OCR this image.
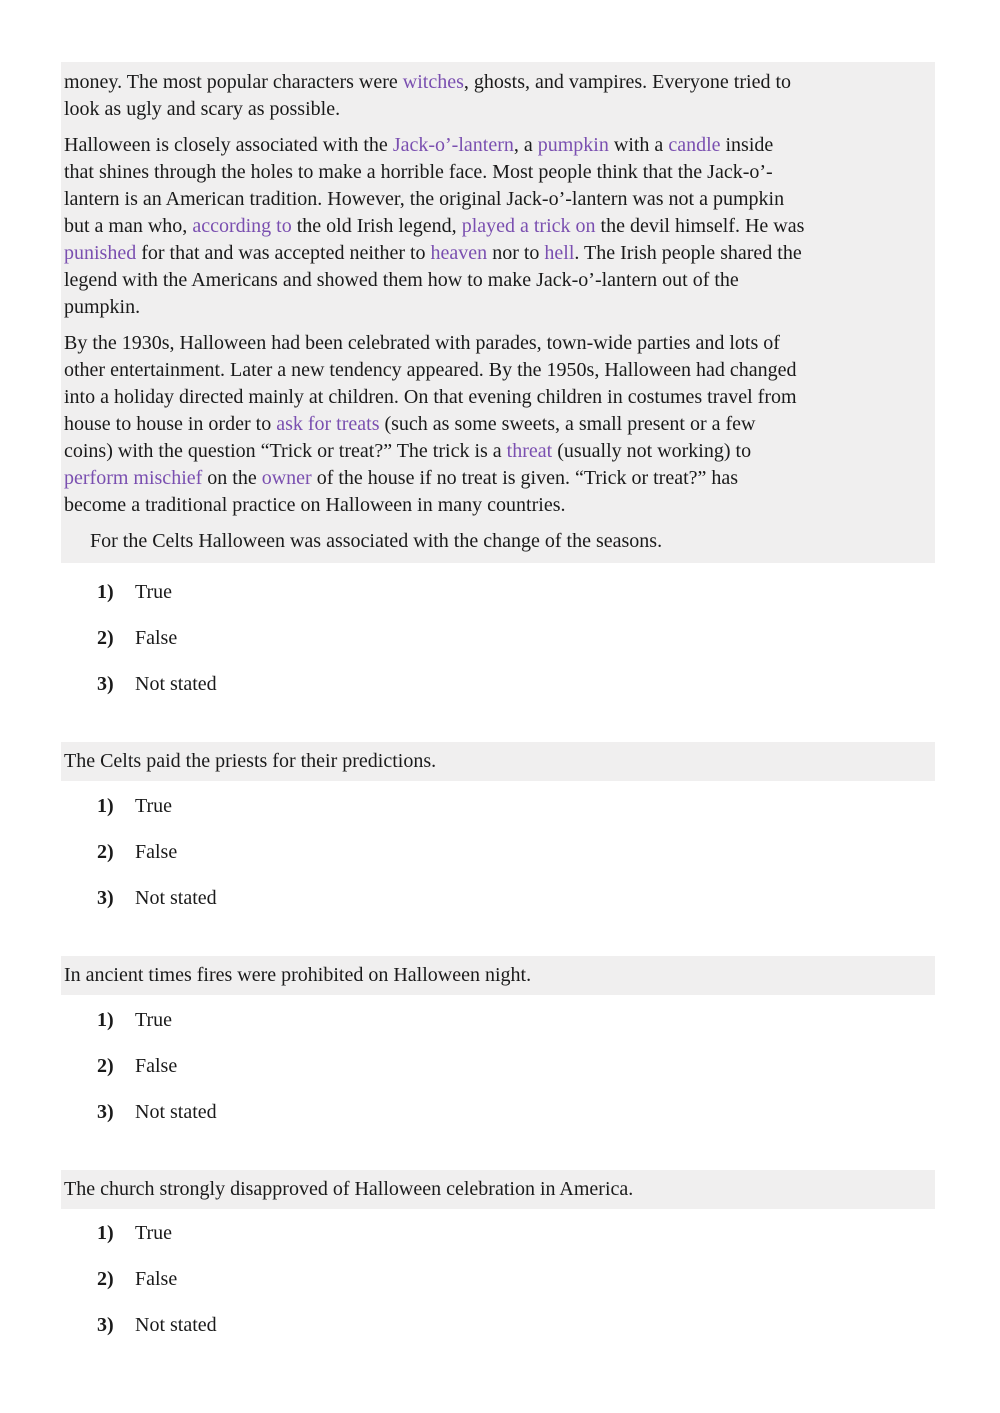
money. The most popular characters were witches, ghosts, and vampires. Everyone tried to
look as ugly and scary as possible.
Halloween is closely associated with the Jack-o’-lantern, a pumpkin with a candle inside
that shines through the holes to make a horrible face. Most people think that the Jack-o’-
lantern is an American tradition. However, the original Jack-o’-lantern was not a pumpkin
but a man who, according to the old Irish legend, played a trick on the devil himself. He was
punished for that and was accepted neither to heaven nor to hell. The Irish people shared the
legend with the Americans and showed them how to make Jack-o’-lantern out of the
pumpkin.
By the 1930s, Halloween had been celebrated with parades, town-wide parties and lots of
other entertainment. Later a new tendency appeared. By the 1950s, Halloween had changed
into a holiday directed mainly at children. On that evening children in costumes travel from
house to house in order to ask for treats (such as some sweets, a small present or a few
coins) with the question “Trick or treat?” The trick is a threat (usually not working) to
perform mischief on the owner of the house if no treat is given. “Trick or treat?” has
become a traditional practice on Halloween in many countries.
For the Celts Halloween was associated with the change of the seasons.
1)	True
2)	False
3)	Not stated
The Celts paid the priests for their predictions.
1)	True
2)	False
3)	Not stated
In ancient times fires were prohibited on Halloween night.
1)	True
2)	False
3)	Not stated
The church strongly disapproved of Halloween celebration in America.
1)	True
2)	False
3)	Not stated
